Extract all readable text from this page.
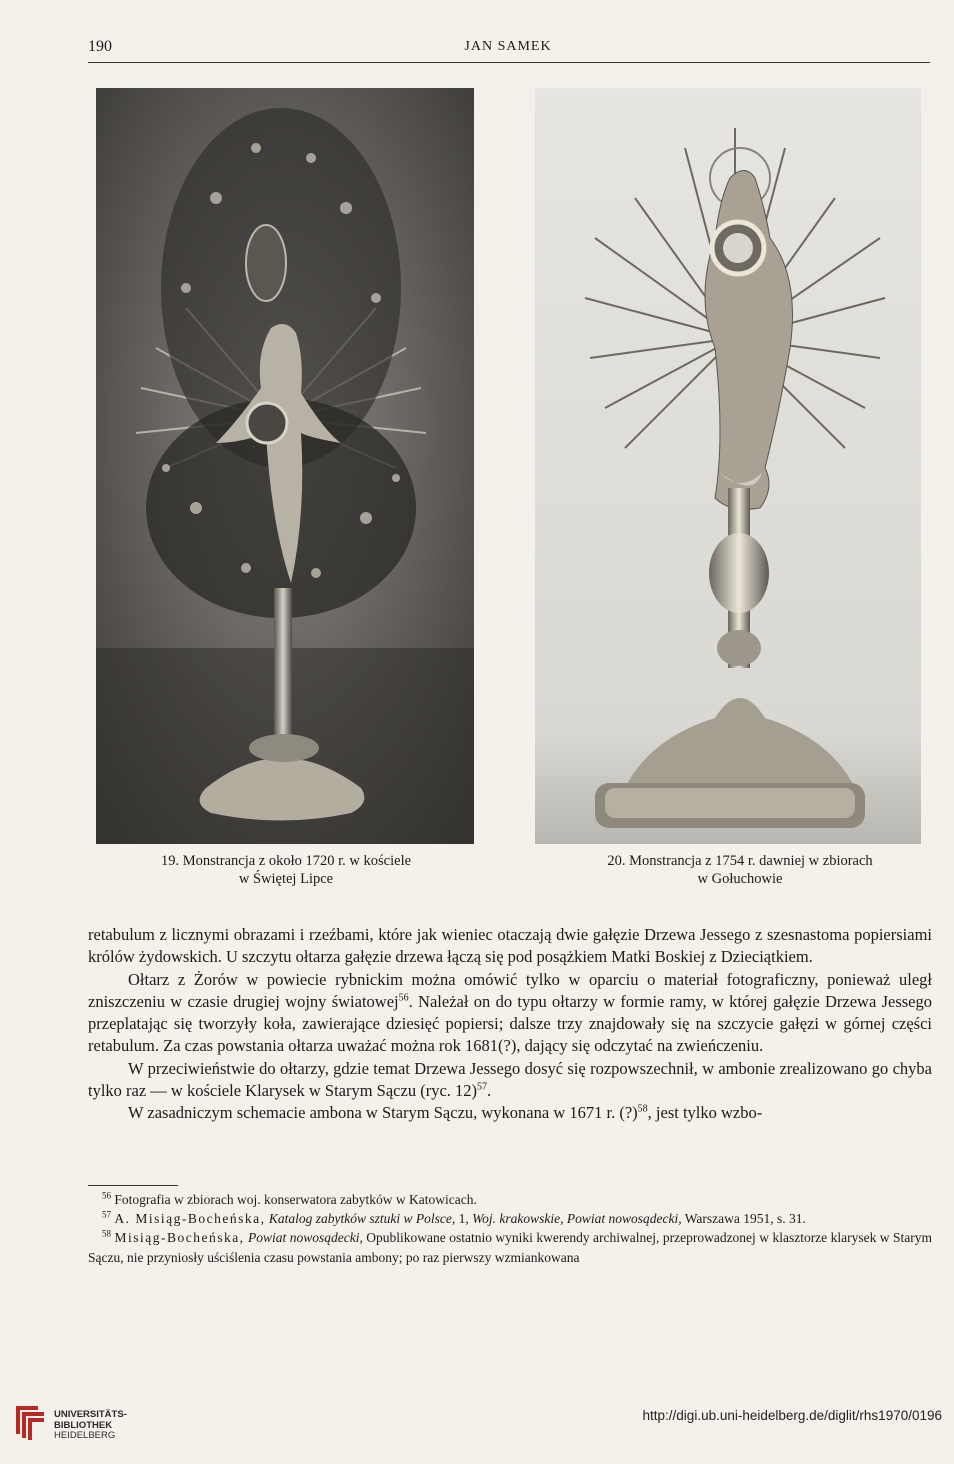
190	JAN SAMEK
19. Monstrancja z około 1720 r. w kościele
w Świętej Lipce
20. Monstrancja z 1754 r. dawniej w zbiorach
w Gołuchowie

retabulum z licznymi obrazami i rzeźbami, które jak wieniec otaczają dwie gałęzie Drzewa Jessego z szesnastoma popiersiami królów żydowskich. U szczytu ołtarza gałęzie drzewa łączą się pod posążkiem Matki Boskiej z Dzieciątkiem.

Ołtarz z Żorów w powiecie rybnickim można omówić tylko w oparciu o materiał fotograficzny, ponieważ uległ zniszczeniu w czasie drugiej wojny światowej$^{56}$. Należał on do typu ołtarzy w formie ramy, w której gałęzie Drzewa Jessego przeplatając się tworzyły koła, zawierające dziesięć popiersi; dalsze trzy znajdowały się na szczycie gałęzi w górnej części retabulum. Za czas powstania ołtarza uważać można rok 1681(?), dający się odczytać na zwieńczeniu.

W przeciwieństwie do ołtarzy, gdzie temat Drzewa Jessego dosyć się rozpowszechnił, w ambonie zrealizowano go chyba tylko raz — w kościele Klarysek w Starym Sączu (ryc. 12)$^{57}$.

W zasadniczym schemacie ambona w Starym Sączu, wykonana w 1671 r. (?)$^{58}$, jest tylko wzbo-

$^{56}$ Fotografia w zbiorach woj. konserwatora zabytków w Katowicach.

$^{57}$ A. Misiąg-Bocheńska, Katalog zabytków sztuki w Polsce, 1, Woj. krakowskie, Powiat nowosądecki, Warszawa 1951, s. 31.

$^{58}$ Misiąg-Bocheńska, Powiat nowosądecki, Opublikowane ostatnio wyniki kwerendy archiwalnej, przeprowadzonej w klasztorze klarysek w Starym Sączu, nie przyniosły uściślenia czasu powstania ambony; po raz pierwszy wzmiankowana

UNIVERSITÄTS-
BIBLIOTHEK
HEIDELBERG
http://digi.ub.uni-heidelberg.de/diglit/rhs1970/0196
